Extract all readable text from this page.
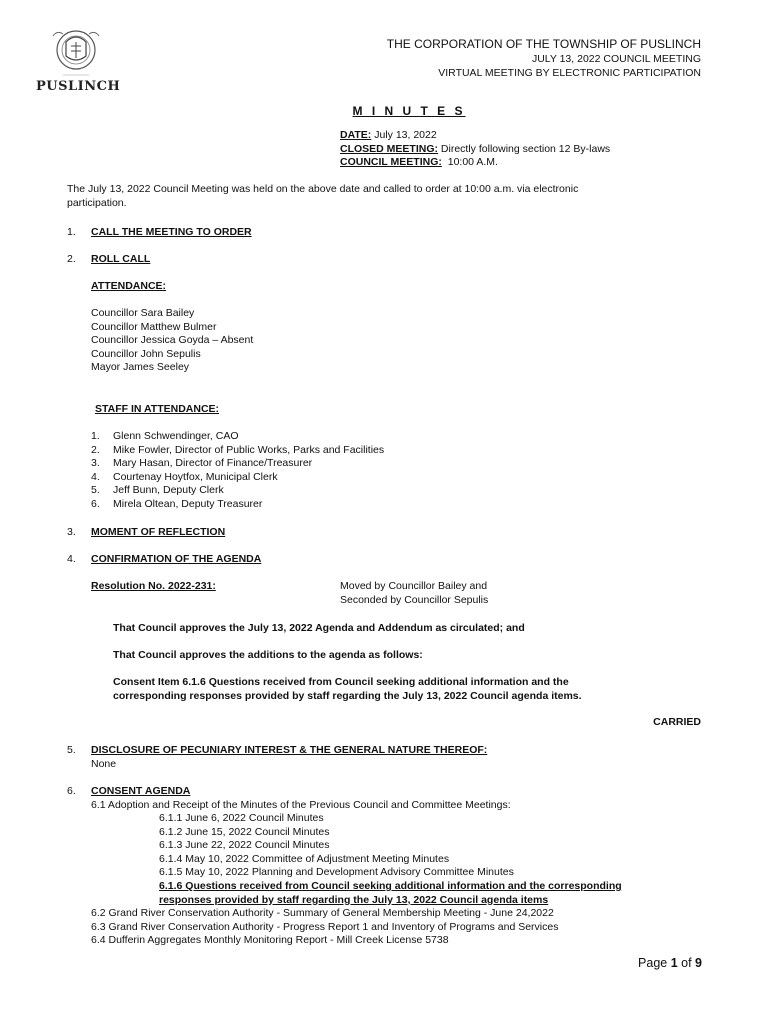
PUSLINCH
THE CORPORATION OF THE TOWNSHIP OF PUSLINCH
JULY 13, 2022 COUNCIL MEETING
VIRTUAL MEETING BY ELECTRONIC PARTICIPATION
M I N U T E S
DATE: July 13, 2022
CLOSED MEETING: Directly following section 12 By-laws
COUNCIL MEETING:  10:00 A.M.
The July 13, 2022 Council Meeting was held on the above date and called to order at 10:00 a.m. via electronic
participation.
1. CALL THE MEETING TO ORDER
2. ROLL CALL
ATTENDANCE:
Councillor Sara Bailey
Councillor Matthew Bulmer
Councillor Jessica Goyda – Absent
Councillor John Sepulis
Mayor James Seeley
STAFF IN ATTENDANCE:
1. Glenn Schwendinger, CAO
2. Mike Fowler, Director of Public Works, Parks and Facilities
3. Mary Hasan, Director of Finance/Treasurer
4. Courtenay Hoytfox, Municipal Clerk
5. Jeff Bunn, Deputy Clerk
6. Mirela Oltean, Deputy Treasurer
3. MOMENT OF REFLECTION
4. CONFIRMATION OF THE AGENDA
Resolution No. 2022-231:	Moved by Councillor Bailey and
Seconded by Councillor Sepulis
That Council approves the July 13, 2022 Agenda and Addendum as circulated; and
That Council approves the additions to the agenda as follows:
Consent Item 6.1.6 Questions received from Council seeking additional information and the
corresponding responses provided by staff regarding the July 13, 2022 Council agenda items.
CARRIED
5. DISCLOSURE OF PECUNIARY INTEREST & THE GENERAL NATURE THEREOF:
None
6. CONSENT AGENDA
6.1 Adoption and Receipt of the Minutes of the Previous Council and Committee Meetings:
6.1.1 June 6, 2022 Council Minutes
6.1.2 June 15, 2022 Council Minutes
6.1.3 June 22, 2022 Council Minutes
6.1.4 May 10, 2022 Committee of Adjustment Meeting Minutes
6.1.5 May 10, 2022 Planning and Development Advisory Committee Minutes
6.1.6 Questions received from Council seeking additional information and the corresponding
responses provided by staff regarding the July 13, 2022 Council agenda items
6.2 Grand River Conservation Authority - Summary of General Membership Meeting - June 24,2022
6.3 Grand River Conservation Authority - Progress Report 1 and Inventory of Programs and Services
6.4 Dufferin Aggregates Monthly Monitoring Report - Mill Creek License 5738
Page 1 of 9
